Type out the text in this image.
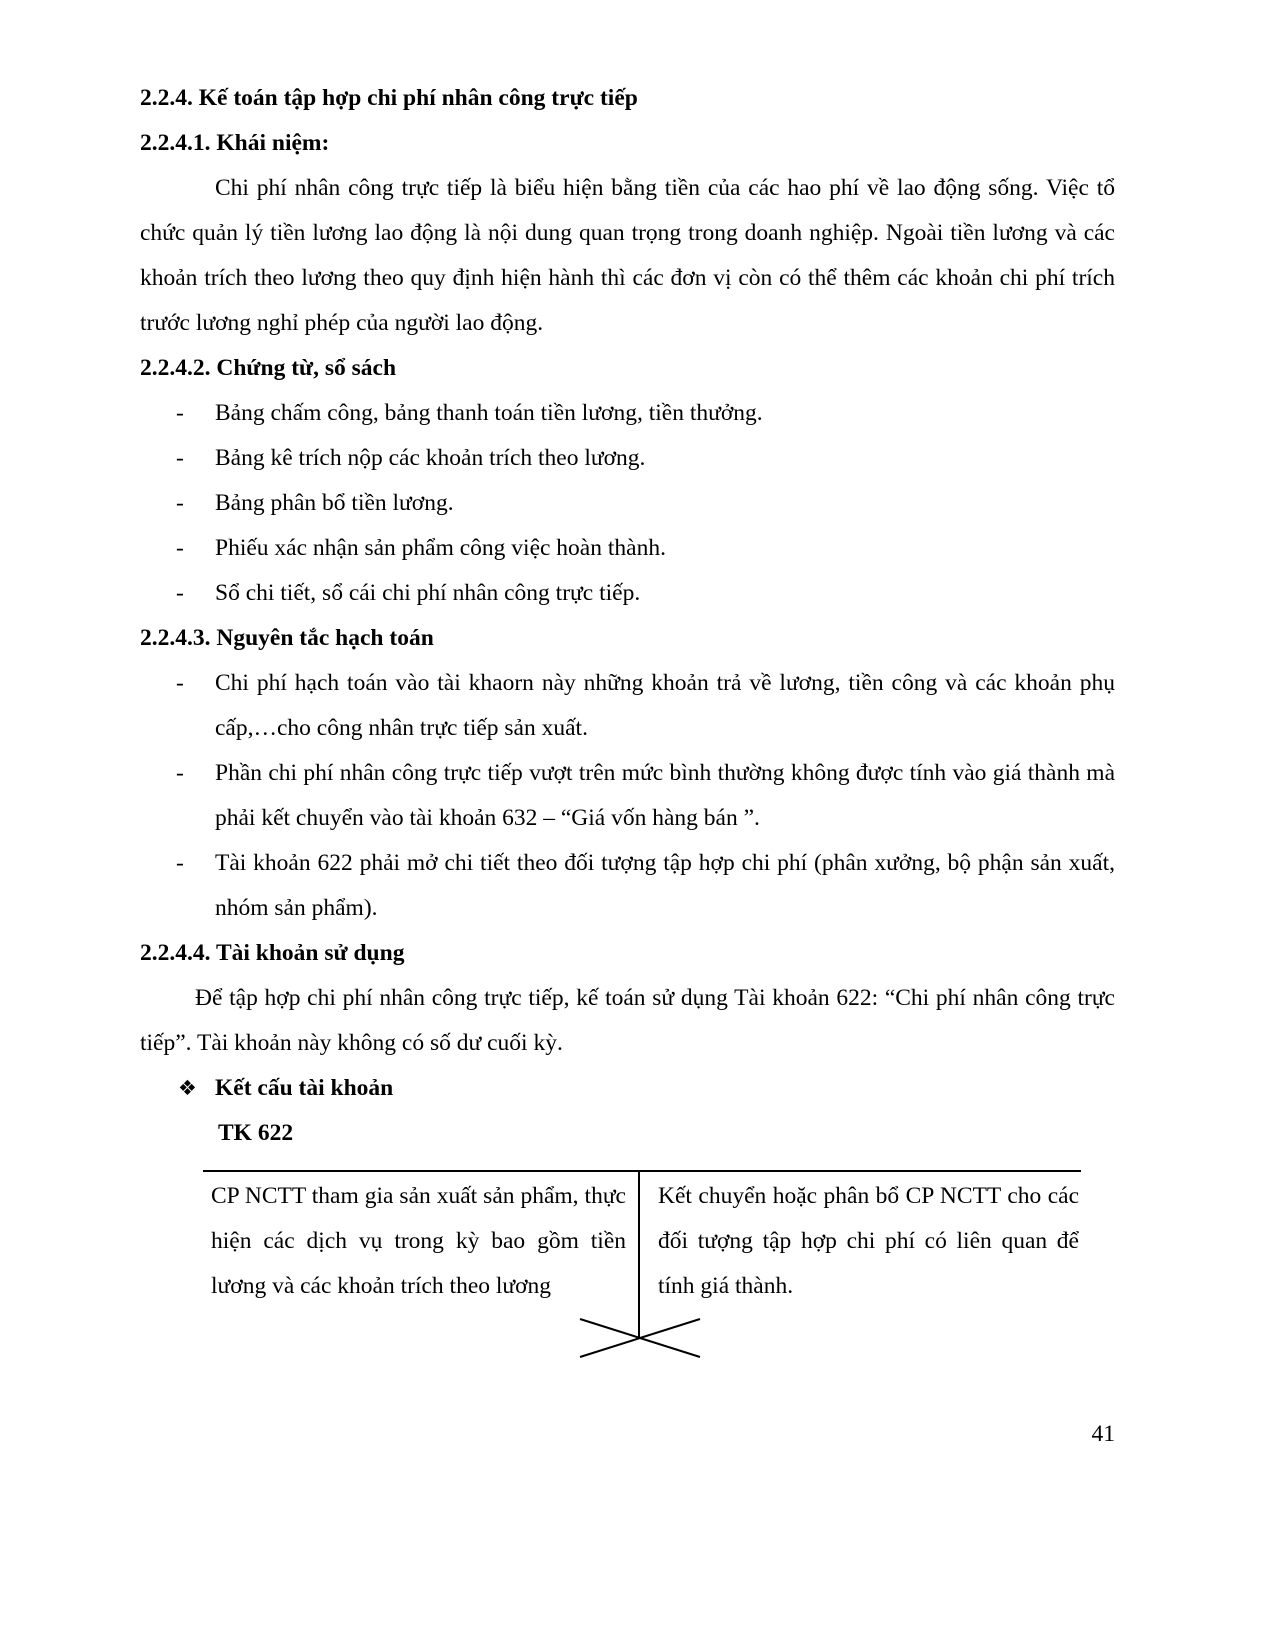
2.2.4. Kế toán tập hợp chi phí nhân công trực tiếp
2.2.4.1. Khái niệm:

Chi phí nhân công trực tiếp là biểu hiện bằng tiền của các hao phí về lao động sống. Việc tổ chức quản lý tiền lương lao động là nội dung quan trọng trong doanh nghiệp. Ngoài tiền lương và các khoản trích theo lương theo quy định hiện hành thì các đơn vị còn có thể thêm các khoản chi phí trích trước lương nghỉ phép của người lao động.

2.2.4.2. Chứng từ, sổ sách
-	Bảng chấm công, bảng thanh toán tiền lương, tiền thưởng.
-	Bảng kê trích nộp các khoản trích theo lương.
-	Bảng phân bổ tiền lương.
-	Phiếu xác nhận sản phẩm công việc hoàn thành.
-	Sổ chi tiết, sổ cái chi phí nhân công trực tiếp.
2.2.4.3. Nguyên tắc hạch toán
-	Chi phí hạch toán vào tài khaorn này những khoản trả về lương, tiền công và các khoản phụ cấp,…cho công nhân trực tiếp sản xuất.
-	Phần chi phí nhân công trực tiếp vượt trên mức bình thường không được tính vào giá thành mà phải kết chuyển vào tài khoản 632 – “Giá vốn hàng bán ”.
-	Tài khoản 622 phải mở chi tiết theo đối tượng tập hợp chi phí (phân xưởng, bộ phận sản xuất, nhóm sản phẩm).
2.2.4.4. Tài khoản sử dụng

Để tập hợp chi phí nhân công trực tiếp, kế toán sử dụng Tài khoản 622: “Chi phí nhân công trực tiếp”. Tài khoản này không có số dư cuối kỳ.

❖ Kết cấu tài khoản
TK 622

CP NCTT tham gia sản xuất sản phẩm, thực hiện các dịch vụ trong kỳ bao gồm tiền lương và các khoản trích theo lương

Kết chuyển hoặc phân bổ CP NCTT cho các đối tượng tập hợp chi phí có liên quan để tính giá thành.

41
